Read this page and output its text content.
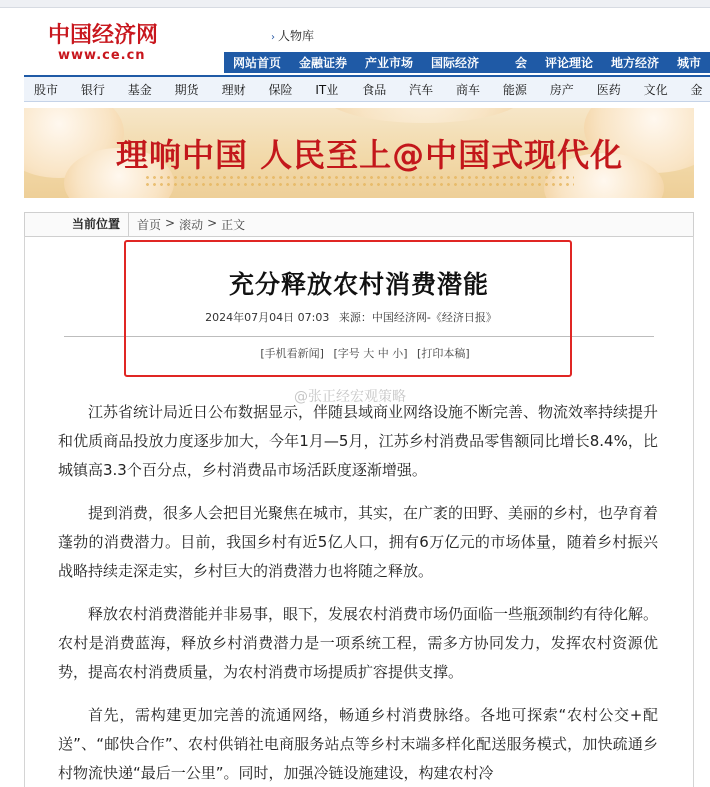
中国经济网
www.ce.cn
› 人物库
网站首页	金融证券	产业市场	国际经济	会	评论理论	地方经济	城市
股市	银行	基金	期货	理财	保险	IT业	食品	汽车	商车	能源	房产	医药	文化	金
理响中国 人民至上@中国式现代化
当前位置	首页 > 滚动 > 正文
充分释放农村消费潜能
2024年07月04日 07:03 来源：中国经济网-《经济日报》
[手机看新闻] [字号 大 中 小] [打印本稿]
@张正经宏观策略

江苏省统计局近日公布数据显示，伴随县域商业网络设施不断完善、物流效率持续提升和优质商品投放力度逐步加大，今年1月—5月，江苏乡村消费品零售额同比增长8.4%，比城镇高3.3个百分点，乡村消费品市场活跃度逐渐增强。

提到消费，很多人会把目光聚焦在城市，其实，在广袤的田野、美丽的乡村，也孕育着蓬勃的消费潜力。目前，我国乡村有近5亿人口，拥有6万亿元的市场体量，随着乡村振兴战略持续走深走实，乡村巨大的消费潜力也将随之释放。

释放农村消费潜能并非易事，眼下，发展农村消费市场仍面临一些瓶颈制约有待化解。农村是消费蓝海，释放乡村消费潜力是一项系统工程，需多方协同发力，发挥农村资源优势，提高农村消费质量，为农村消费市场提质扩容提供支撑。

首先，需构建更加完善的流通网络，畅通乡村消费脉络。各地可探索“农村公交+配送”、“邮快合作”、农村供销社电商服务站点等乡村末端多样化配送服务模式，加快疏通乡村物流快递“最后一公里”。同时，加强冷链设施建设，构建农村冷
